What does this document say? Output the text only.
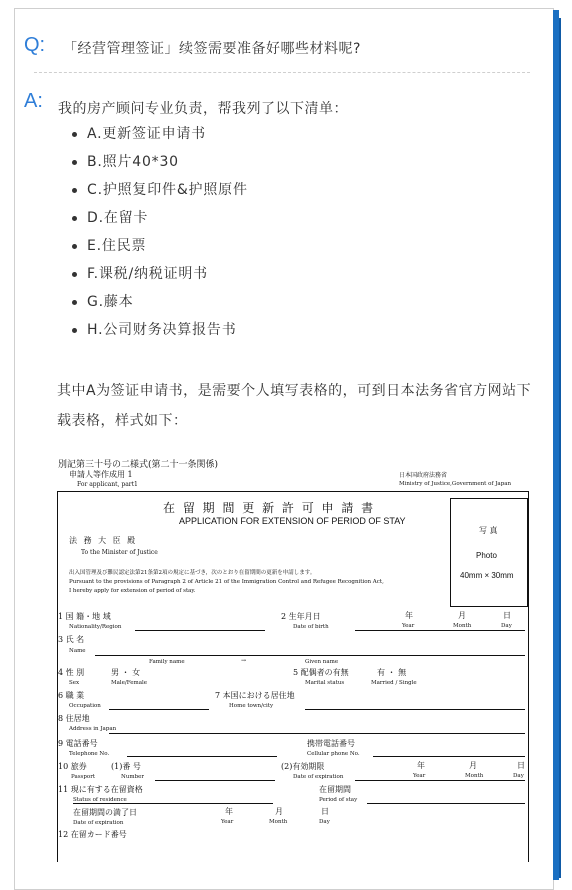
Q: 「经营管理签证」续签需要准备好哪些材料呢?
A: 我的房产顾问专业负责，帮我列了以下清单：
A.更新签证申请书
B.照片40*30
C.护照复印件&护照原件
D.在留卡
E.住民票
F.课税/纳税证明书
G.藤本
H.公司财务决算报告书
其中A为签证申请书，是需要个人填写表格的，可到日本法务省官方网站下载表格，样式如下：
別記第三十号の二様式(第二十一条関係)
申請人等作成用 1
For applicant, part1
日本国政府法務省
Ministry of Justice,Government of Japan
在 留 期 間 更 新 許 可 申 請 書
APPLICATION FOR EXTENSION OF PERIOD OF STAY
写 真
Photo
40mm × 30mm
法 務 大 臣 殿
To the Minister of Justice
出入国管理及び難民認定法第21条第2項の規定に基づき，次のとおり在留期間の更新を申請します。
Pursuant to the provisions of Paragraph 2 of Article 21 of the Immigration Control and Refugee Recognition Act,
I hereby apply for extension of period of stay.
1 国 籍・地 域
Nationality/Region
2 生年月日
Date of birth
年	月	日
Year	Month	Day
3 氏 名
Name
Family name	→	Given name
4 性 別	男 ・ 女
Sex	Male/Female
5 配偶者の有無	有 ・ 無
Marital status	Married / Single
6 職 業
Occupation
7 本国における居住地
Home town/city
8 住居地
Address in Japan
9 電話番号
Telephone No.
携帯電話番号
Cellular phone No.
10 旅券	(1)番 号
Passport	Number
(2)有効期限
Date of expiration
年	月	日
Year	Month	Day
11 現に有する在留資格
Status of residence
在留期間
Period of stay
在留期間の満了日
Date of expiration
年	月	日
Year	Month	Day
12 在留カード番号
